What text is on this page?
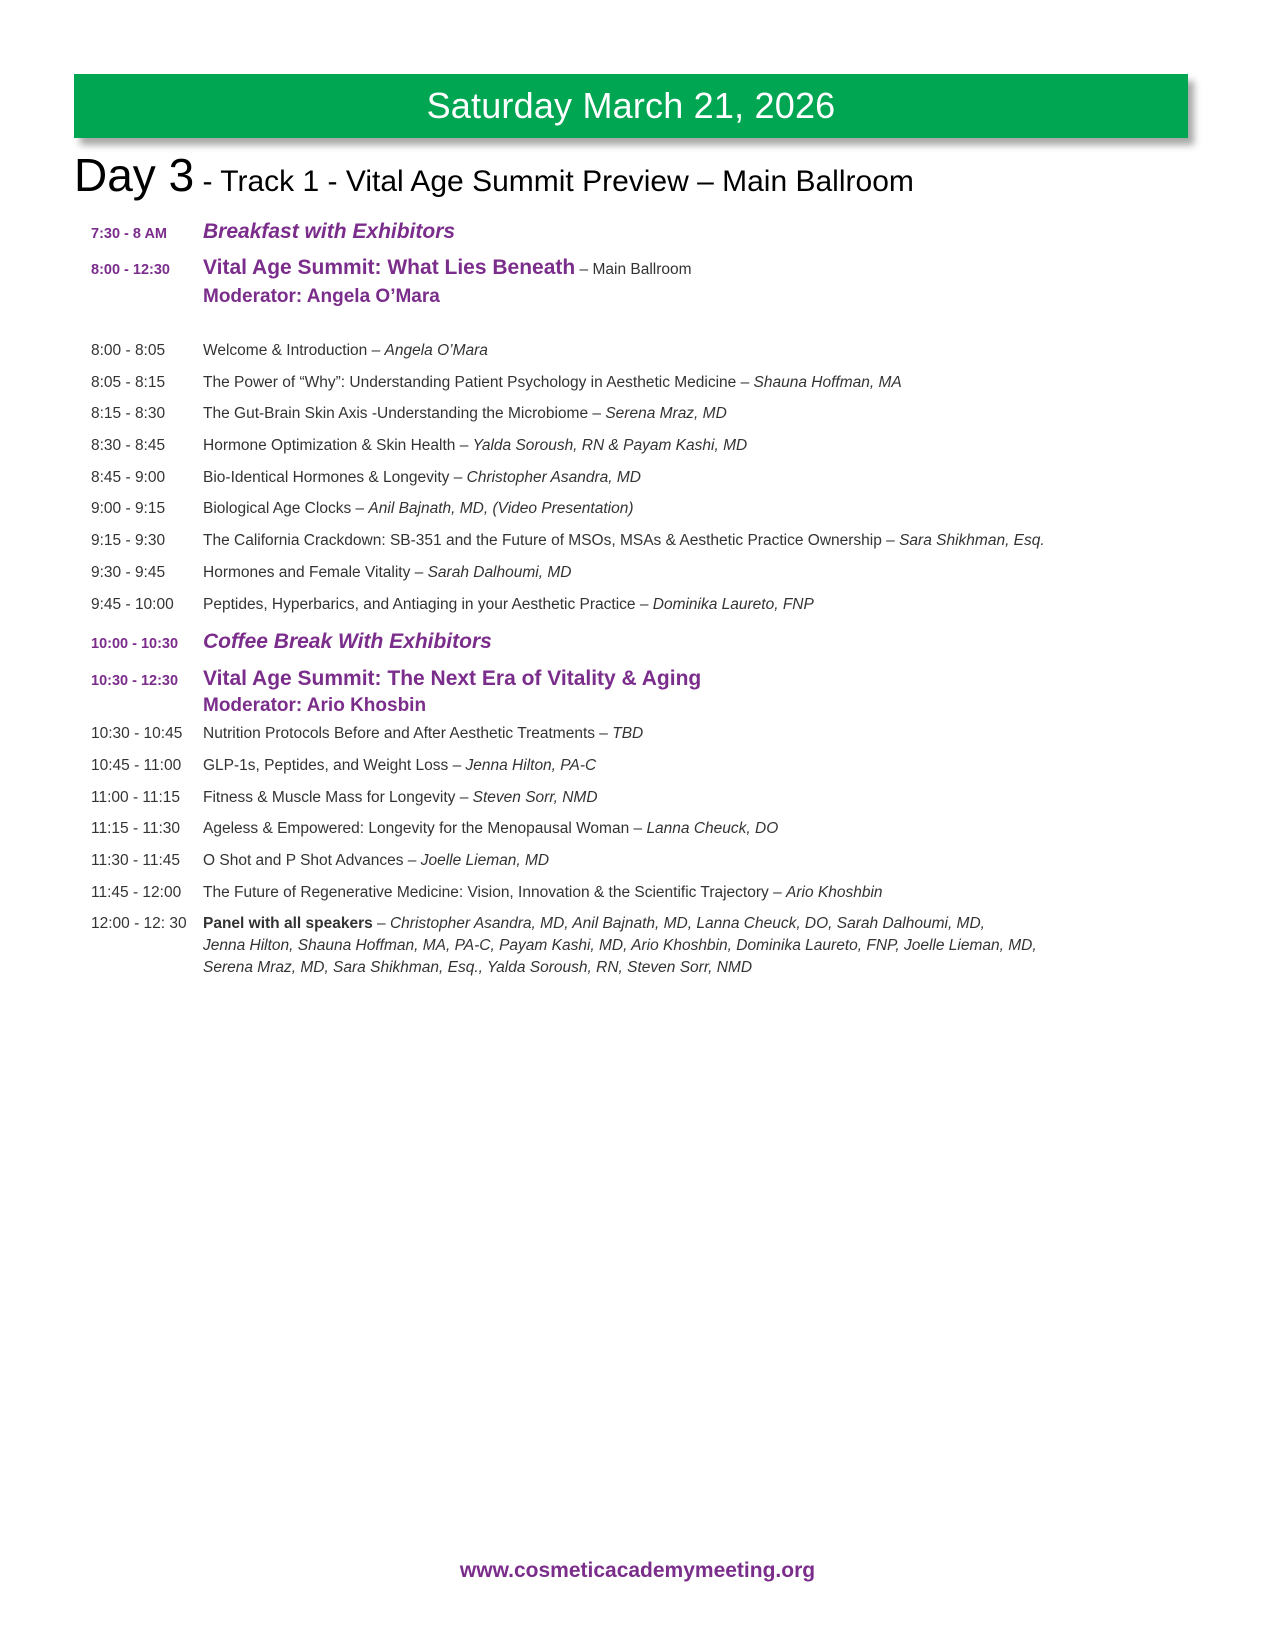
Saturday March 21, 2026
Day 3 - Track 1 - Vital Age Summit Preview – Main Ballroom
7:30 - 8 AM	Breakfast with Exhibitors
8:00 - 12:30	Vital Age Summit: What Lies Beneath – Main Ballroom
Moderator: Angela O’Mara
8:00 - 8:05	Welcome & Introduction – Angela O’Mara
8:05 - 8:15	The Power of “Why”: Understanding Patient Psychology in Aesthetic Medicine – Shauna Hoffman, MA
8:15 - 8:30	The Gut-Brain Skin Axis -Understanding the Microbiome – Serena Mraz, MD
8:30 - 8:45	Hormone Optimization & Skin Health – Yalda Soroush, RN & Payam Kashi, MD
8:45 - 9:00	Bio-Identical Hormones & Longevity – Christopher Asandra, MD
9:00 - 9:15	Biological Age Clocks – Anil Bajnath, MD, (Video Presentation)
9:15 - 9:30	The California Crackdown: SB-351 and the Future of MSOs, MSAs & Aesthetic Practice Ownership – Sara Shikhman, Esq.
9:30 - 9:45	Hormones and Female Vitality – Sarah Dalhoumi, MD
9:45 - 10:00	Peptides, Hyperbarics, and Antiaging in your Aesthetic Practice – Dominika Laureto, FNP
10:00 - 10:30	Coffee Break With Exhibitors
10:30 - 12:30	Vital Age Summit: The Next Era of Vitality & Aging
Moderator: Ario Khosbin
10:30 - 10:45	Nutrition Protocols Before and After Aesthetic Treatments – TBD
10:45 - 11:00	GLP-1s, Peptides, and Weight Loss – Jenna Hilton, PA-C
11:00 - 11:15	Fitness & Muscle Mass for Longevity – Steven Sorr, NMD
11:15 - 11:30	Ageless & Empowered: Longevity for the Menopausal Woman – Lanna Cheuck, DO
11:30 - 11:45	O Shot and P Shot Advances – Joelle Lieman, MD
11:45 - 12:00	The Future of Regenerative Medicine: Vision, Innovation & the Scientific Trajectory – Ario Khoshbin
12:00 - 12: 30	Panel with all speakers – Christopher Asandra, MD, Anil Bajnath, MD, Lanna Cheuck, DO, Sarah Dalhoumi, MD,
Jenna Hilton, Shauna Hoffman, MA, PA-C, Payam Kashi, MD, Ario Khoshbin, Dominika Laureto, FNP, Joelle Lieman, MD,
Serena Mraz, MD, Sara Shikhman, Esq., Yalda Soroush, RN, Steven Sorr, NMD
www.cosmeticacademymeeting.org
